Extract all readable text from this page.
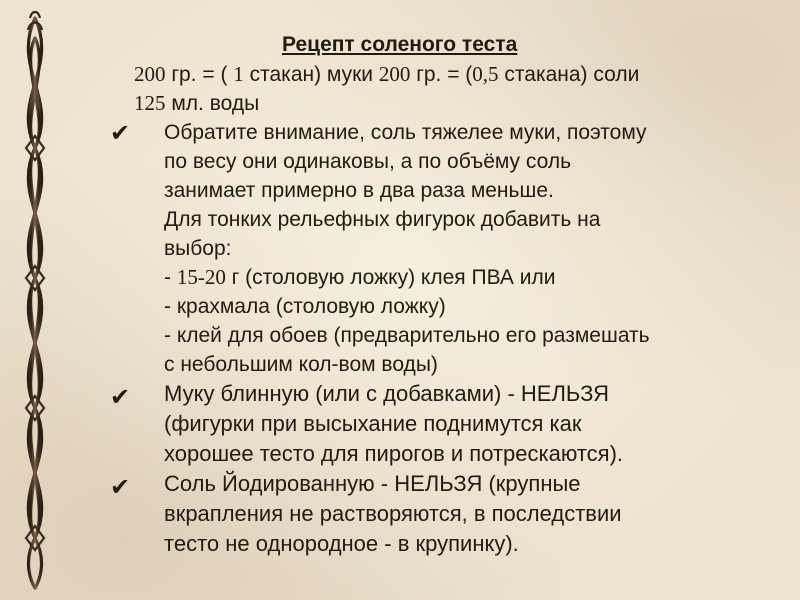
Рецепт соленого теста
200 гр. = ( 1 стакан) муки 200 гр. = (0,5 стакана) соли
125 мл. воды
✔ Обратите внимание, соль тяжелее муки, поэтому
по весу они одинаковы, а по объёму соль
занимает примерно в два раза меньше.
Для тонких рельефных фигурок добавить на
выбор:
- 15-20 г (столовую ложку) клея ПВА или
- крахмала (столовую ложку)
- клей для обоев (предварительно его размешать
с небольшим кол-вом воды)
✔ Муку блинную (или с добавками) - НЕЛЬЗЯ
(фигурки при высыхание поднимутся как
хорошее тесто для пирогов и потрескаются).
✔ Соль Йодированную - НЕЛЬЗЯ (крупные
вкрапления не растворяются, в последствии
тесто не однородное - в крупинку).
